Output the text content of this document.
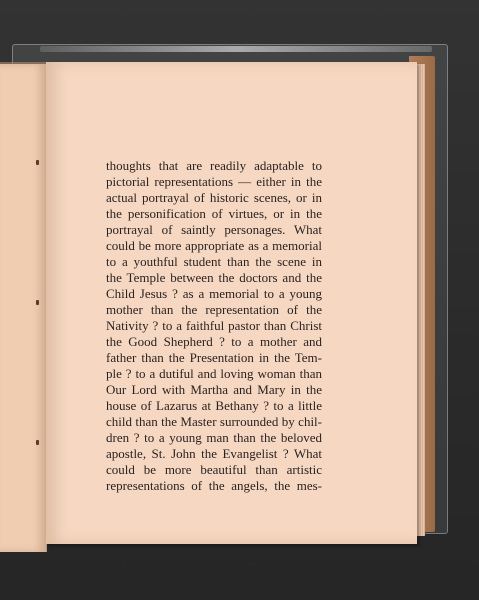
thoughts that are readily adaptable to
pictorial representations — either in the
actual portrayal of historic scenes, or in
the personification of virtues, or in the
portrayal of saintly personages. What
could be more appropriate as a memorial
to a youthful student than the scene in
the Temple between the doctors and the
Child Jesus ? as a memorial to a young
mother than the representation of the
Nativity ? to a faithful pastor than Christ
the Good Shepherd ? to a mother and
father than the Presentation in the Tem-
ple ? to a dutiful and loving woman than
Our Lord with Martha and Mary in the
house of Lazarus at Bethany ? to a little
child than the Master surrounded by chil-
dren ? to a young man than the beloved
apostle, St. John the Evangelist ? What
could be more beautiful than artistic
representations of the angels, the mes-
